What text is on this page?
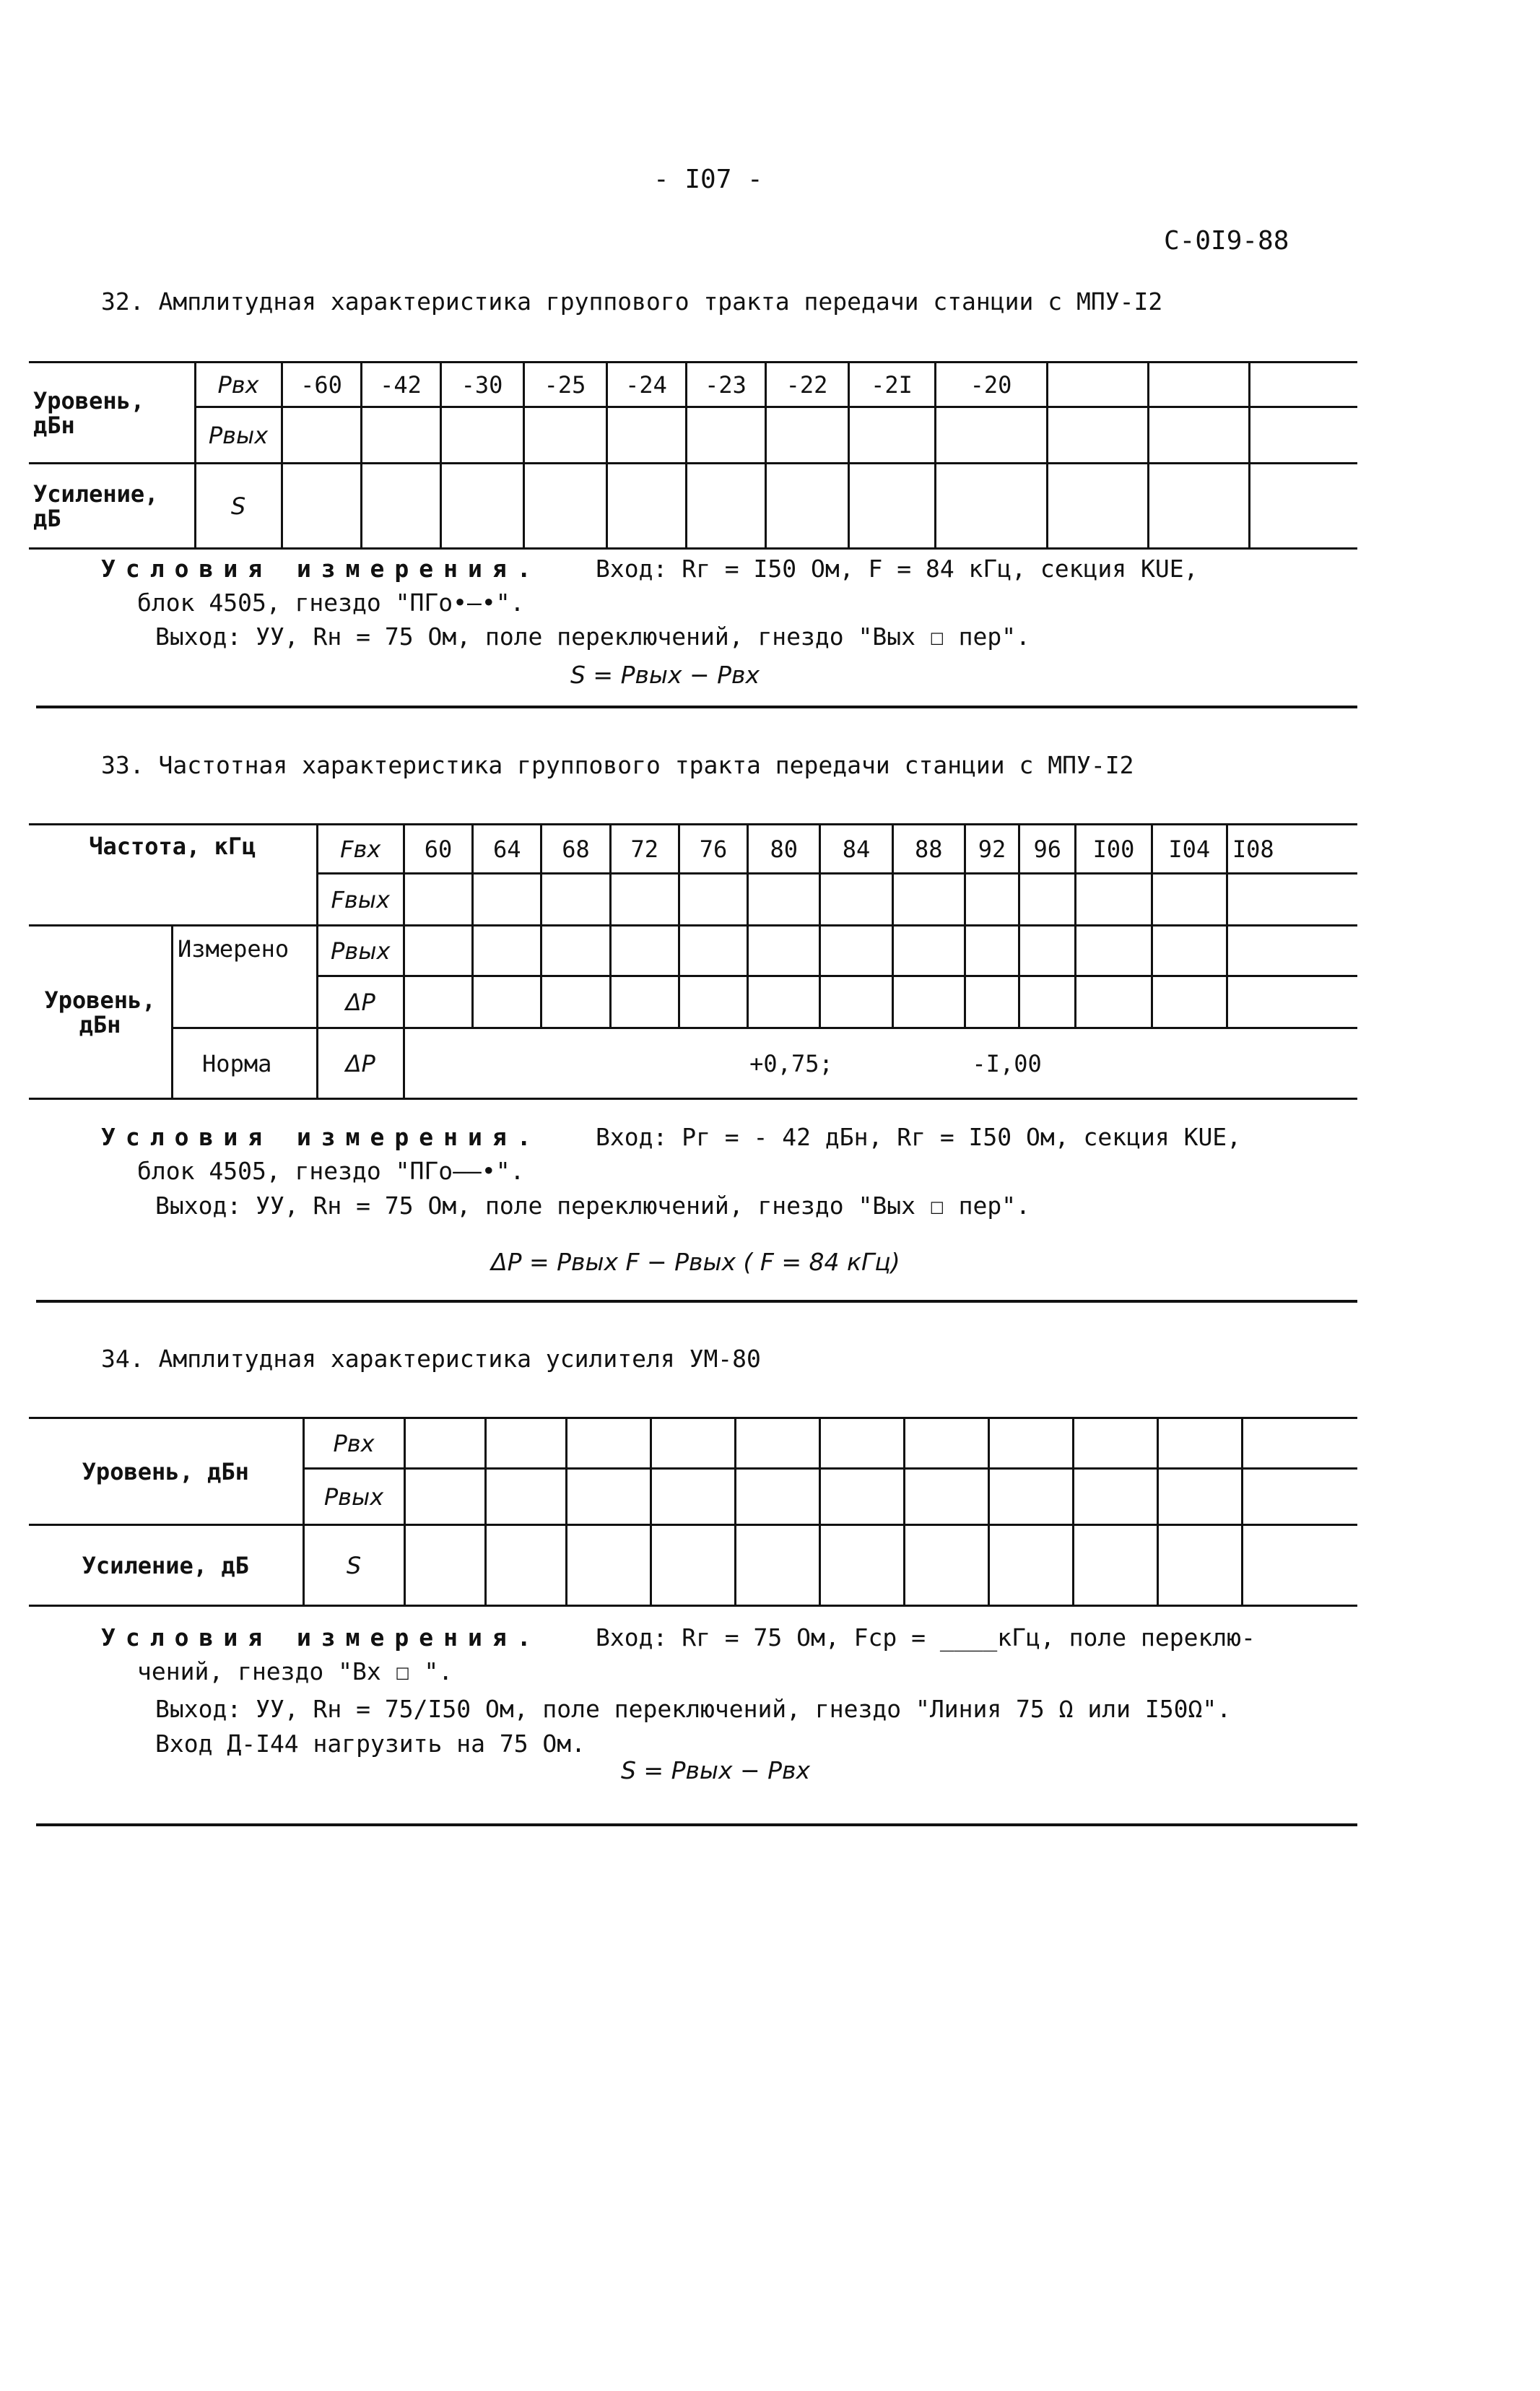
- I07 -
С-0I9-88
32. Амплитудная характеристика группового тракта передачи станции с МПУ-I2
Уровень, дБн	Pвх	-60	-42	-30	-25	-24	-23	-22	-2I	-20			
	Pвых												
Усиление, дБ	S												
Условия измерения. Вход: Rг = I50 Ом, F = 84 кГц, секция KUE,
блок 4505, гнездо "ПГо•—•".
Выход: УУ, Rн = 75 Ом, поле переключений, гнездо "Вых ☐ пер".
S = Pвых − Pвх
33. Частотная характеристика группового тракта передачи станции с МПУ-I2
Частота, кГц		Fвх	60	64	68	72	76	80	84	88	92	96	I00	I04	I08
		Fвых													
Уровень, дБн	Измерено	Pвых													
		ΔP													
	Норма	ΔP	+0,75;          -I,00												
Условия измерения. Вход: Pг = - 42 дБн, Rг = I50 Ом, секция KUE,
блок 4505, гнездо "ПГо——•".
Выход: УУ, Rн = 75 Ом, поле переключений, гнездо "Вых ☐ пер".
ΔP = Pвых F − Pвых ( F = 84 кГц)
34. Амплитудная характеристика усилителя УМ-80
Уровень, дБн	Pвх											
	Pвых											
Усиление, дБ	S											
Условия измерения. Вход: Rг = 75 Ом, Fср = ____кГц, поле переклю-
чений, гнездо "Вх ☐ ".
Выход: УУ, Rн = 75/I50 Ом, поле переключений, гнездо "Линия 75 Ω или I50Ω".
Вход Д-I44 нагрузить на 75 Ом.
S = Pвых − Pвх
